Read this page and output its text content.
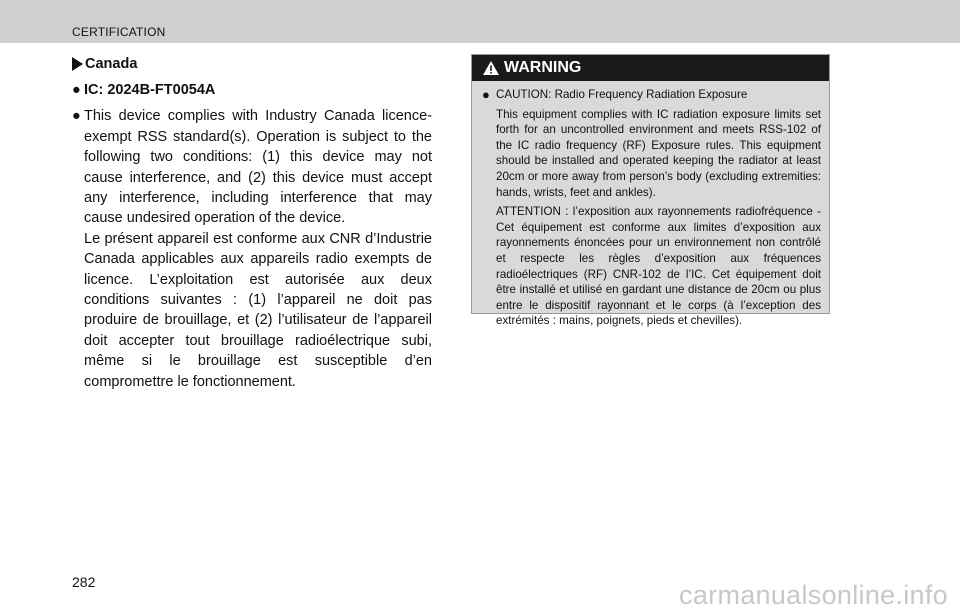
CERTIFICATION
Canada
● IC: 2024B-FT0054A
● This device complies with Industry Canada licence-exempt RSS standard(s). Operation is subject to the following two conditions: (1) this device may not cause interference, and (2) this device must accept any interference, including interference that may cause undesired operation of the device.
Le présent appareil est conforme aux CNR d’Industrie Canada applicables aux appareils radio exempts de licence. L’exploitation est autorisée aux deux conditions suivantes : (1) l’appareil ne doit pas produire de brouillage, et (2) l’utilisateur de l’appareil doit accepter tout brouillage radioélectrique subi, même si le brouillage est susceptible d’en compromettre le fonctionnement.
WARNING
● CAUTION: Radio Frequency Radiation Exposure
This equipment complies with IC radiation exposure limits set forth for an uncontrolled environment and meets RSS-102 of the IC radio frequency (RF) Exposure rules. This equipment should be installed and operated keeping the radiator at least 20cm or more away from person’s body (excluding extremities: hands, wrists, feet and ankles).
ATTENTION : l’exposition aux rayonnements radiofréquence - Cet équipement est conforme aux limites d’exposition aux rayonnements énoncées pour un environnement non contrôlé et respecte les règles d’exposition aux fréquences radioélectriques (RF) CNR-102 de l’IC. Cet équipement doit être installé et utilisé en gardant une distance de 20cm ou plus entre le dispositif rayonnant et le corps (à l’exception des extrémités : mains, poignets, pieds et chevilles).
282	carmanualsonline.info
